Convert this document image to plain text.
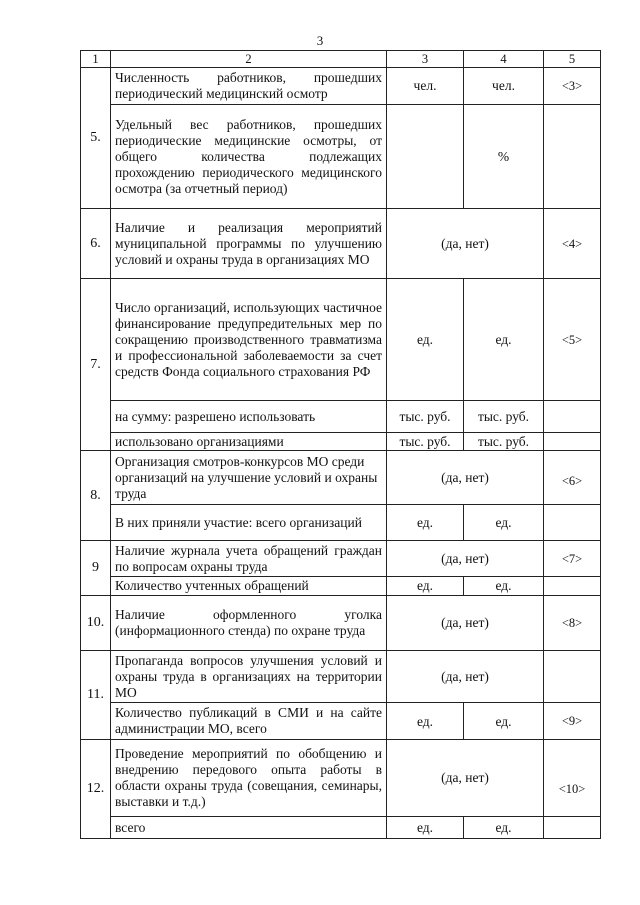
3
1	2	3	4	5
5.	Численность работников, прошедших периодический медицинский осмотр	чел.	чел.	<3>
	Удельный вес работников, прошедших периодические медицинские осмотры, от общего количества подлежащих прохождению периодического медицинского осмотра (за отчетный период)		%	
6.	Наличие и реализация мероприятий муниципальной программы по улучшению условий и охраны труда в организациях МО	(да, нет)		<4>
7.	Число организаций, использующих частичное финансирование предупредительных мер по сокращению производственного травматизма и профессиональной заболеваемости за счет средств Фонда социального страхования РФ	ед.	ед.	<5>
	на сумму: разрешено использовать	тыс. руб.	тыс. руб.	
	использовано организациями	тыс. руб.	тыс. руб.	
8.	Организация смотров-конкурсов МО среди организаций на улучшение условий и охраны труда	(да, нет)		<6>
	В них приняли участие: всего организаций	ед.	ед.	
9	Наличие журнала учета обращений граждан по вопросам охраны труда	(да, нет)		<7>
	Количество учтенных обращений	ед.	ед.	
10.	Наличие оформленного уголка (информационного стенда) по охране труда	(да, нет)		<8>
11.	Пропаганда вопросов улучшения условий и охраны труда в организациях на территории МО	(да, нет)		
	Количество публикаций в СМИ и на сайте администрации МО, всего	ед.	ед.	<9>
12.	Проведение мероприятий по обобщению и внедрению передового опыта работы в области охраны труда (совещания, семинары, выставки и т.д.)	(да, нет)		<10>
	всего	ед.	ед.	
